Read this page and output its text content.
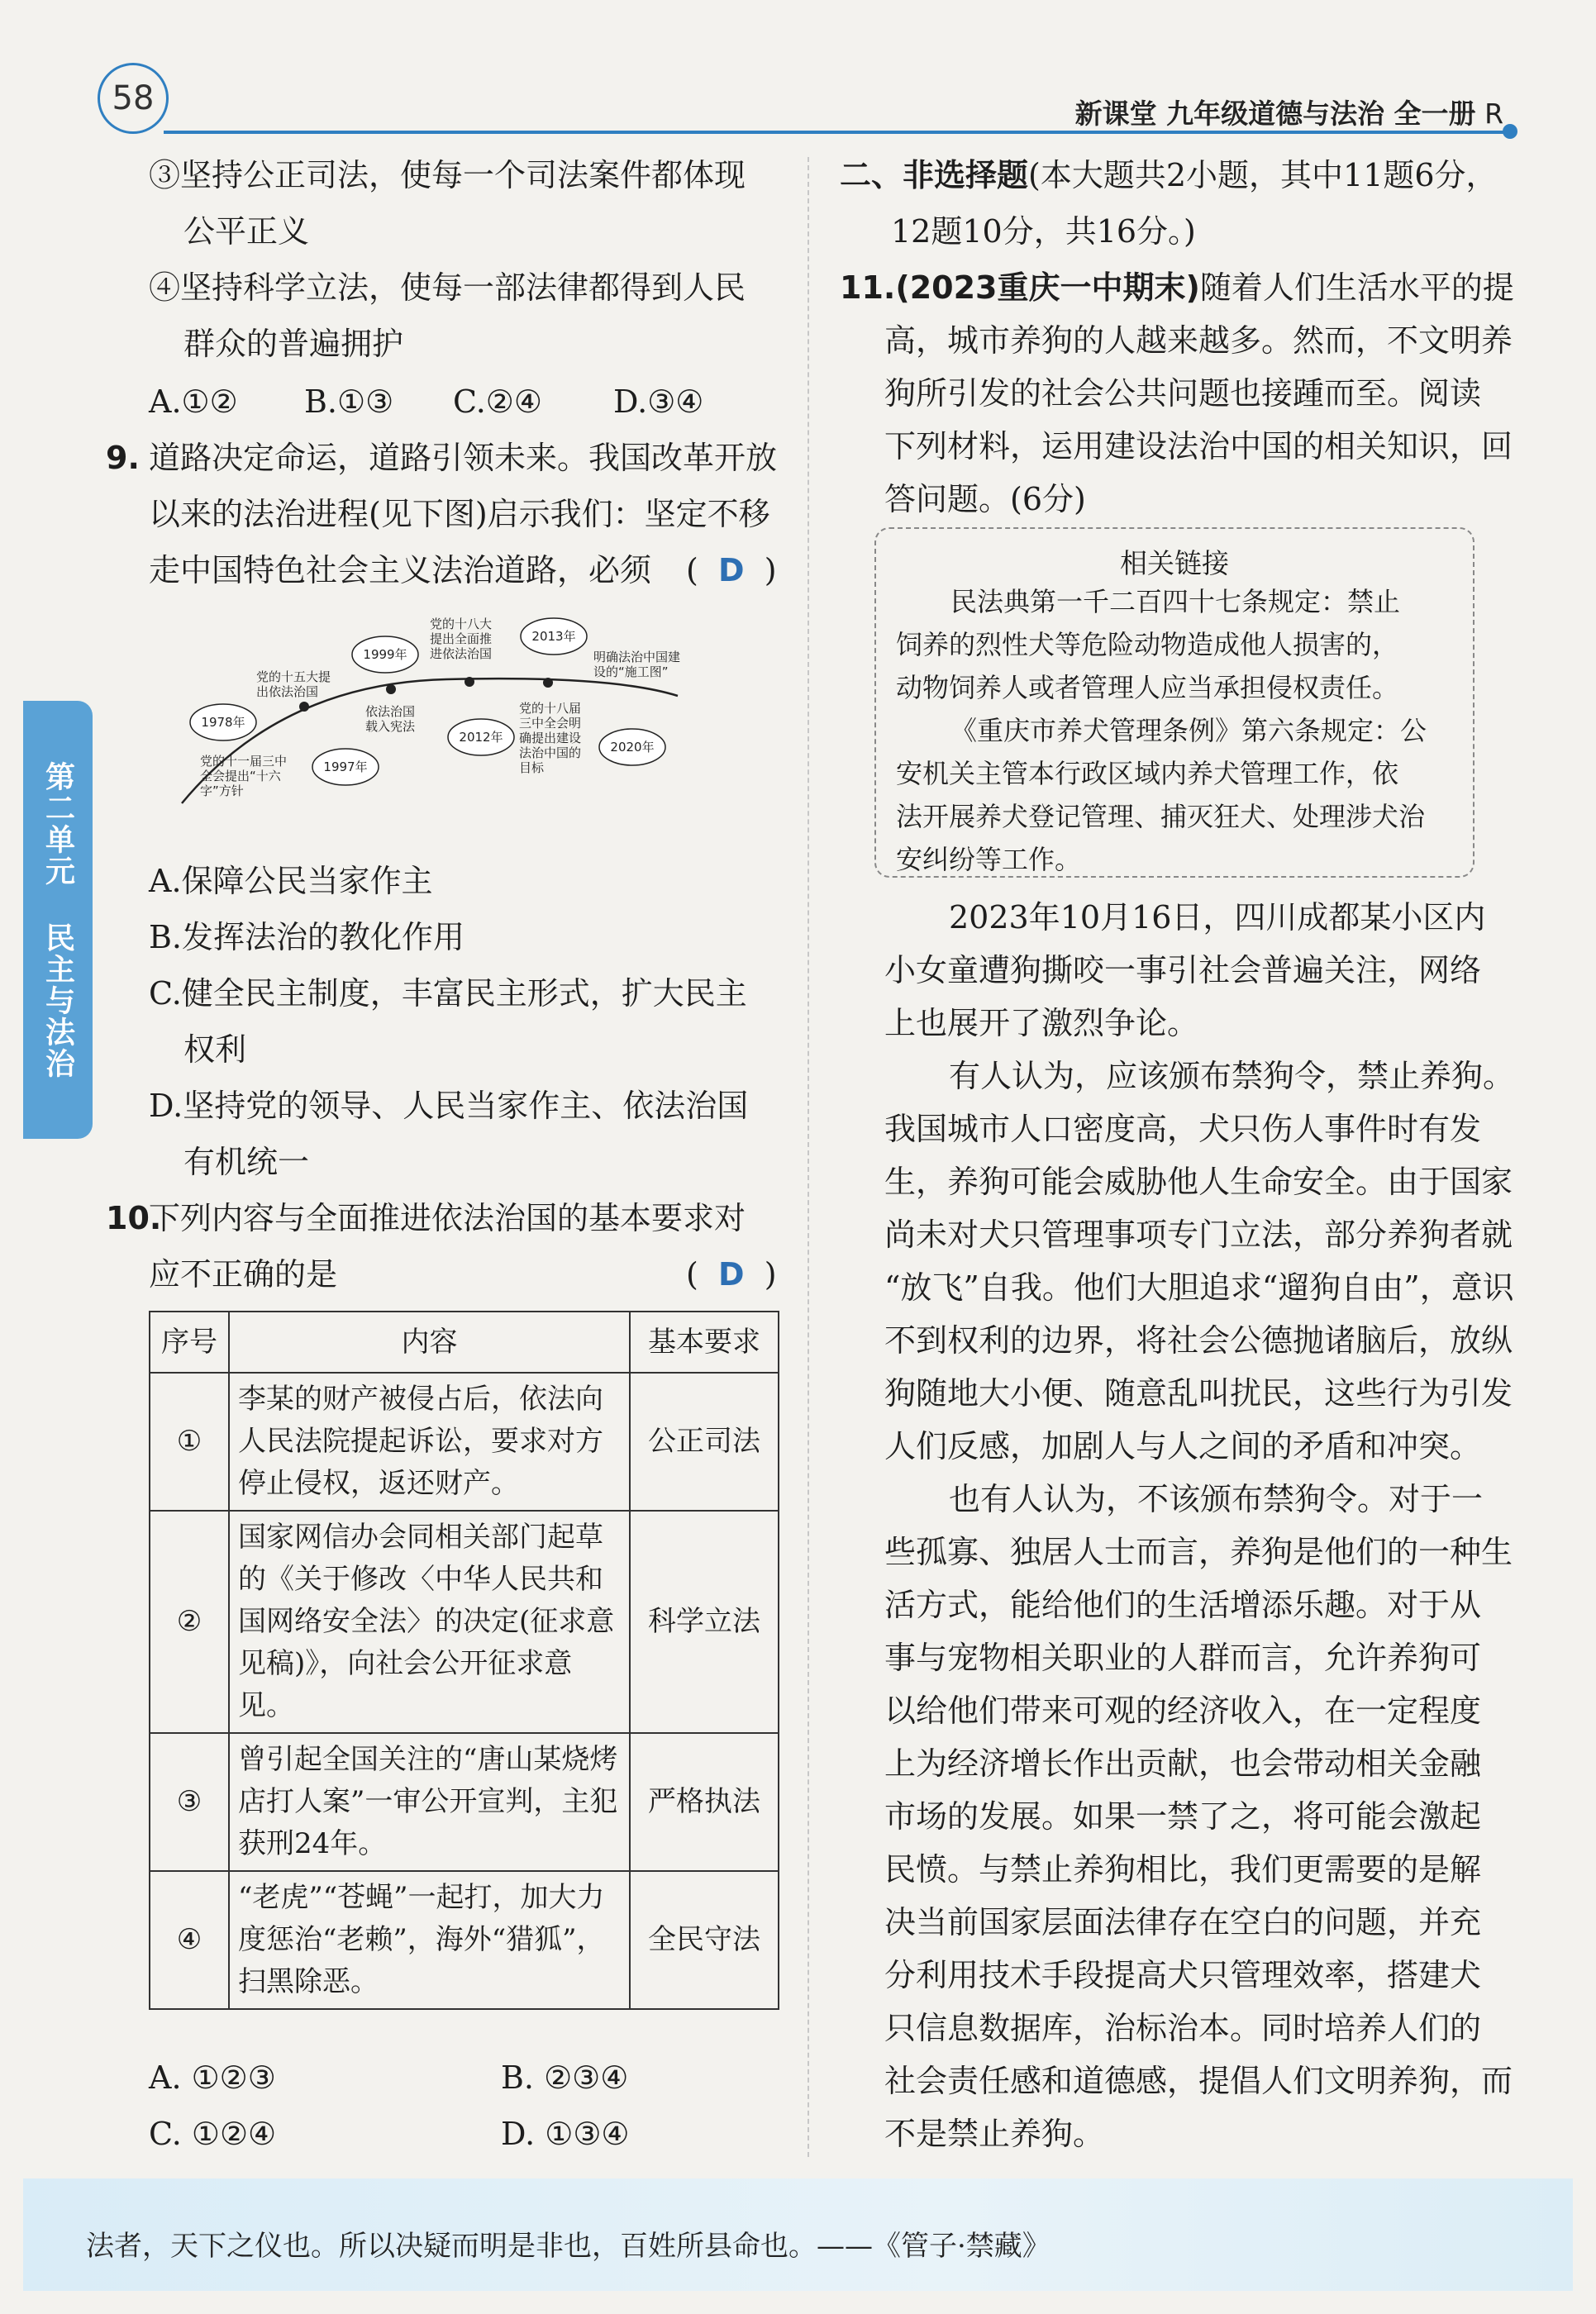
58	新课堂 九年级道德与法治 全一册 R
第二单元 民主与法治
③坚持公正司法，使每一个司法案件都体现
公平正义
④坚持科学立法，使每一部法律都得到人民
群众的普遍拥护
A.①② B.①③ C.②④ D.③④
9. 道路决定命运，道路引领未来。我国改革开放
以来的法治进程(见下图)启示我们：坚定不移
走中国特色社会主义法治道路，必须 (  D  )
1978年
1997年
1999年
2012年
2013年
2020年
党的十一届三中
全会提出“十六
字”方针
党的十五大提
出依法治国
依法治国
载入宪法
党的十八大
提出全面推
进依法治国
党的十八届
三中全会明
确提出建设
法治中国的
目标
明确法治中国建
设的“施工图”
A.保障公民当家作主
B.发挥法治的教化作用
C.健全民主制度，丰富民主形式，扩大民主
权利
D.坚持党的领导、人民当家作主、依法治国
有机统一
10.
下列内容与全面推进依法治国的基本要求对
应不正确的是	(  D  )
序号	内容	基本要求
①	李某的财产被侵占后，依法向人民法院提起诉讼，要求对方停止侵权，返还财产。	公正司法
②	国家网信办会同相关部门起草的《关于修改〈中华人民共和国网络安全法〉的决定(征求意见稿)》，向社会公开征求意见。	科学立法
③	曾引起全国关注的“唐山某烧烤店打人案”一审公开宣判，主犯获刑24年。	严格执法
④	“老虎”“苍蝇”一起打，加大力度惩治“老赖”，海外“猎狐”，扫黑除恶。	全民守法
A. ①②③	B. ②③④
C. ①②④	D. ①③④
二、非选择题(本大题共2小题，其中11题6分，
12题10分，共16分。)
11.(2023重庆一中期末)随着人们生活水平的提
高，城市养狗的人越来越多。然而，不文明养
狗所引发的社会公共问题也接踵而至。阅读
下列材料，运用建设法治中国的相关知识，回
答问题。(6分)
相关链接
民法典第一千二百四十七条规定：禁止
饲养的烈性犬等危险动物造成他人损害的，
动物饲养人或者管理人应当承担侵权责任。
《重庆市养犬管理条例》第六条规定：公
安机关主管本行政区域内养犬管理工作，依
法开展养犬登记管理、捕灭狂犬、处理涉犬治
安纠纷等工作。
2023年10月16日，四川成都某小区内
小女童遭狗撕咬一事引社会普遍关注，网络
上也展开了激烈争论。
有人认为，应该颁布禁狗令，禁止养狗。
我国城市人口密度高，犬只伤人事件时有发
生，养狗可能会威胁他人生命安全。由于国家
尚未对犬只管理事项专门立法，部分养狗者就
“放飞”自我。他们大胆追求“遛狗自由”，意识
不到权利的边界，将社会公德抛诸脑后，放纵
狗随地大小便、随意乱叫扰民，这些行为引发
人们反感，加剧人与人之间的矛盾和冲突。
也有人认为，不该颁布禁狗令。对于一
些孤寡、独居人士而言，养狗是他们的一种生
活方式，能给他们的生活增添乐趣。对于从
事与宠物相关职业的人群而言，允许养狗可
以给他们带来可观的经济收入，在一定程度
上为经济增长作出贡献，也会带动相关金融
市场的发展。如果一禁了之，将可能会激起
民愤。与禁止养狗相比，我们更需要的是解
决当前国家层面法律存在空白的问题，并充
分利用技术手段提高犬只管理效率，搭建犬
只信息数据库，治标治本。同时培养人们的
社会责任感和道德感，提倡人们文明养狗，而
不是禁止养狗。
法者，天下之仪也。所以决疑而明是非也，百姓所县命也。——《管子·禁藏》
